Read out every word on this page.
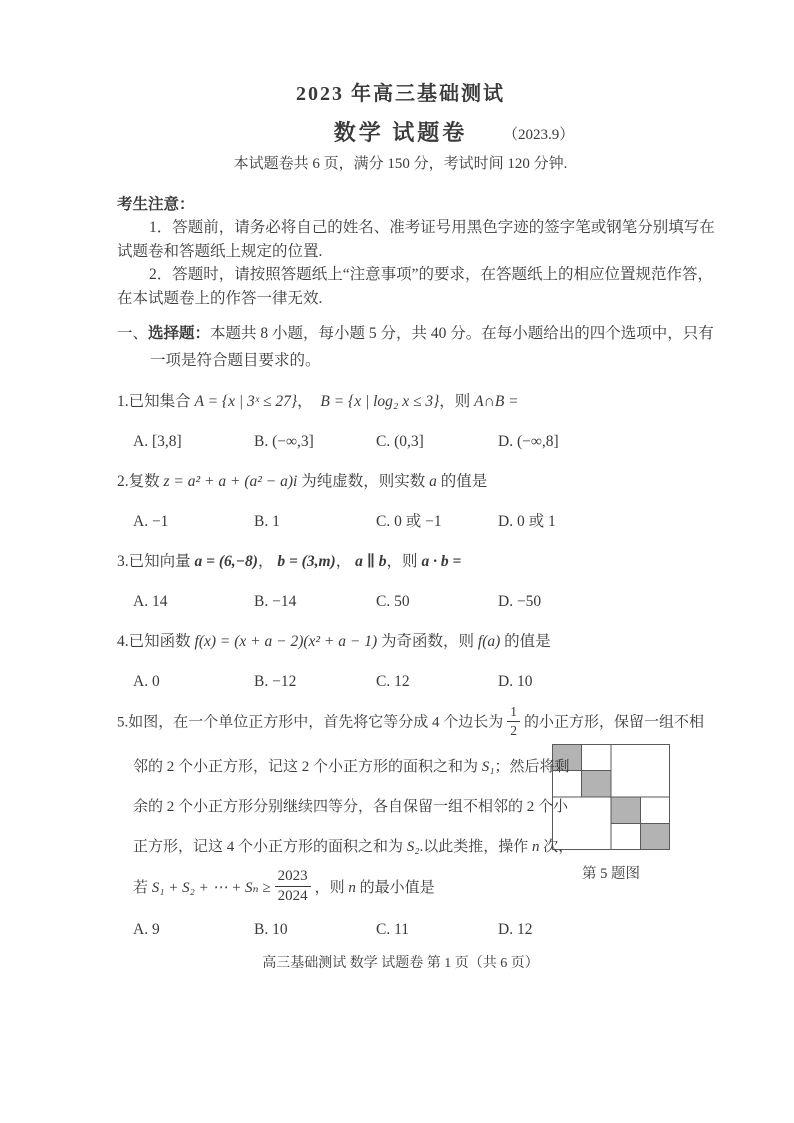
2023 年高三基础测试
数学 试题卷 （2023.9）
本试题卷共 6 页，满分 150 分，考试时间 120 分钟.
考生注意：
1．答题前，请务必将自己的姓名、准考证号用黑色字迹的签字笔或钢笔分别填写在
试题卷和答题纸上规定的位置.
2．答题时，请按照答题纸上“注意事项”的要求，在答题纸上的相应位置规范作答，
在本试题卷上的作答一律无效.
一、选择题：本题共 8 小题，每小题 5 分，共 40 分。在每小题给出的四个选项中，只有
一项是符合题目要求的。
1.已知集合 A = {x | 3ˣ ≤ 27}，  B = {x | log₂ x ≤ 3}，则 A∩B =
A. [3,8]	B. (−∞,3]	C. (0,3]	D. (−∞,8]
2.复数 z = a² + a + (a² − a)i 为纯虚数，则实数 a 的值是
A. −1	B. 1	C. 0 或 −1	D. 0 或 1
3.已知向量 a = (6,−8)， b = (3,m)， a ∥ b，则 a · b =
A. 14	B. −14	C. 50	D. −50
4.已知函数 f(x) = (x + a − 2)(x² + a − 1) 为奇函数，则 f(a) 的值是
A. 0	B. −12	C. 12	D. 10
5.如图，在一个单位正方形中，首先将它等分成 4 个边长为 $\frac{1}{2}$ 的小正方形，保留一组不相
第 5 题图
邻的 2 个小正方形，记这 2 个小正方形的面积之和为 S₁；然后将剩
余的 2 个小正方形分别继续四等分，各自保留一组不相邻的 2 个小
正方形，记这 4 个小正方形的面积之和为 S₂.以此类推，操作 n 次，
若 S₁ + S₂ + ⋯ + $S_n \ge \frac{2023}{2024}$ ，则 n 的最小值是
A. 9	B. 10	C. 11	D. 12
高三基础测试 数学 试题卷 第 1 页（共 6 页）
